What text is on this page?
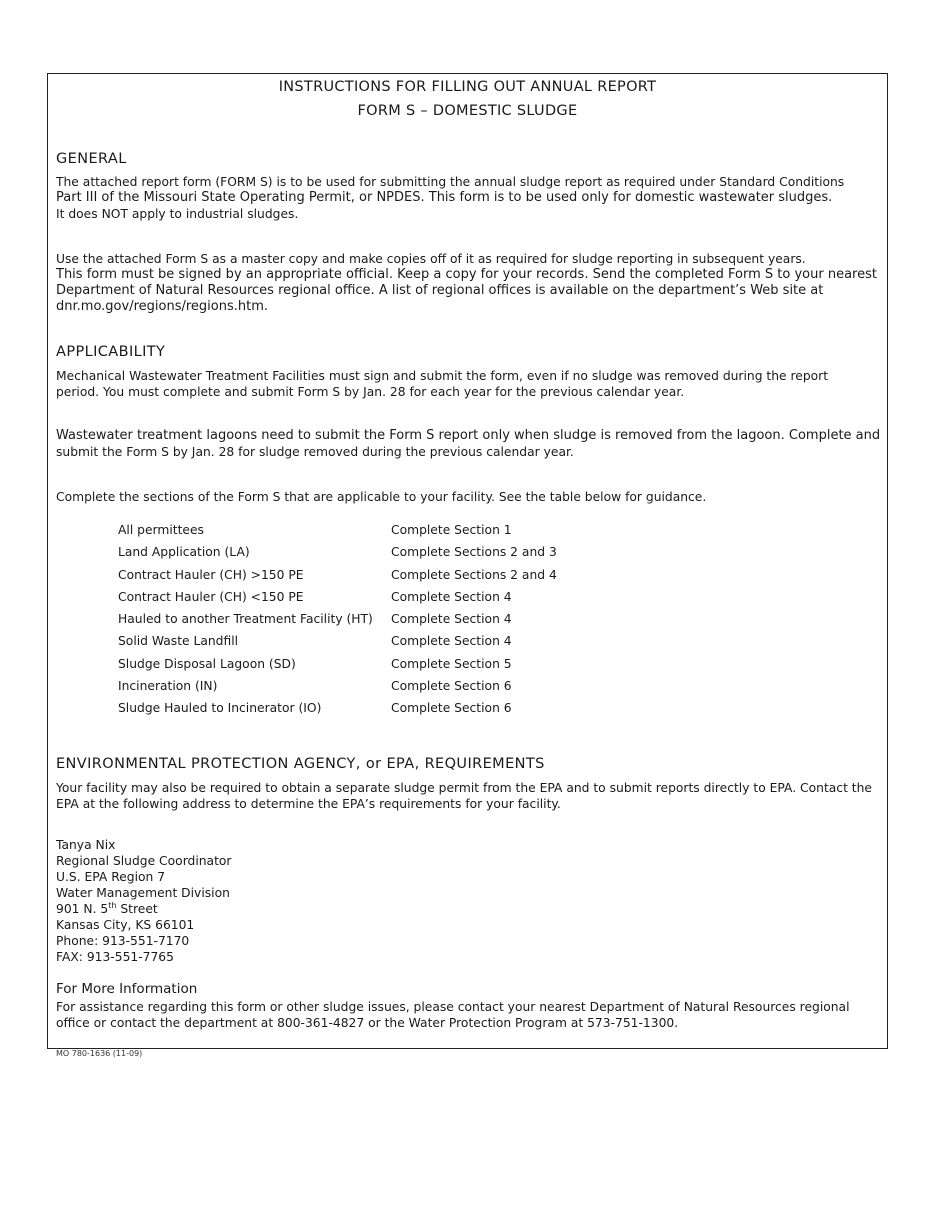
INSTRUCTIONS FOR FILLING OUT ANNUAL REPORT
FORM S – DOMESTIC SLUDGE
GENERAL
The attached report form (FORM S) is to be used for submitting the annual sludge report as required under Standard Conditions
Part III of the Missouri State Operating Permit, or NPDES. This form is to be used only for domestic wastewater sludges.
It does NOT apply to industrial sludges.
Use the attached Form S as a master copy and make copies off of it as required for sludge reporting in subsequent years.
This form must be signed by an appropriate official. Keep a copy for your records. Send the completed Form S to your nearest
Department of Natural Resources regional office. A list of regional offices is available on the department’s Web site at
dnr.mo.gov/regions/regions.htm.
APPLICABILITY
Mechanical Wastewater Treatment Facilities must sign and submit the form, even if no sludge was removed during the report
period. You must complete and submit Form S by Jan. 28 for each year for the previous calendar year.
Wastewater treatment lagoons need to submit the Form S report only when sludge is removed from the lagoon. Complete and
submit the Form S by Jan. 28 for sludge removed during the previous calendar year.
Complete the sections of the Form S that are applicable to your facility. See the table below for guidance.
All permittees	Complete Section 1
Land Application (LA)	Complete Sections 2 and 3
Contract Hauler (CH) >150 PE	Complete Sections 2 and 4
Contract Hauler (CH) <150 PE	Complete Section 4
Hauled to another Treatment Facility (HT) Complete Section 4
Solid Waste Landfill	Complete Section 4
Sludge Disposal Lagoon (SD)	Complete Section 5
Incineration (IN)	Complete Section 6
Sludge Hauled to Incinerator (IO)	Complete Section 6
ENVIRONMENTAL PROTECTION AGENCY, or EPA, REQUIREMENTS
Your facility may also be required to obtain a separate sludge permit from the EPA and to submit reports directly to EPA. Contact the
EPA at the following address to determine the EPA’s requirements for your facility.
Tanya Nix
Regional Sludge Coordinator
U.S. EPA Region 7
Water Management Division
901 N. 5th Street
Kansas City, KS 66101
Phone: 913-551-7170
FAX: 913-551-7765
For More Information
For assistance regarding this form or other sludge issues, please contact your nearest Department of Natural Resources regional
office or contact the department at 800-361-4827 or the Water Protection Program at 573-751-1300.
MO 780-1636 (11-09)
